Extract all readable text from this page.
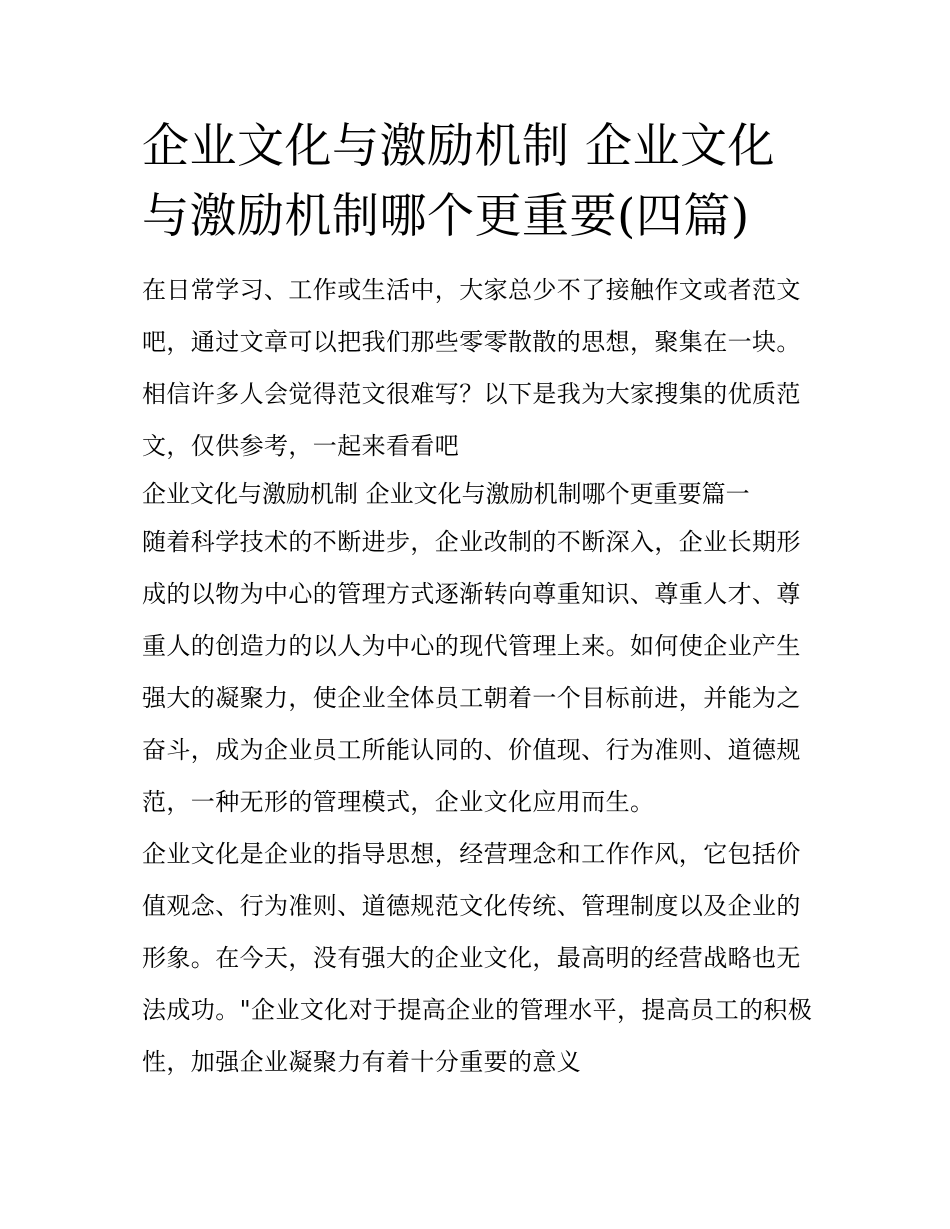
企业文化与激励机制 企业文化与激励机制哪个更重要(四篇)

在日常学习、工作或生活中，大家总少不了接触作文或者范文吧，通过文章可以把我们那些零零散散的思想，聚集在一块。相信许多人会觉得范文很难写？以下是我为大家搜集的优质范文，仅供参考，一起来看看吧

企业文化与激励机制 企业文化与激励机制哪个更重要篇一

随着科学技术的不断进步，企业改制的不断深入，企业长期形成的以物为中心的管理方式逐渐转向尊重知识、尊重人才、尊重人的创造力的以人为中心的现代管理上来。如何使企业产生强大的凝聚力，使企业全体员工朝着一个目标前进，并能为之奋斗，成为企业员工所能认同的、价值现、行为准则、道德规范，一种无形的管理模式，企业文化应用而生。

企业文化是企业的指导思想，经营理念和工作作风，它包括价值观念、行为准则、道德规范文化传统、管理制度以及企业的形象。在今天，没有强大的企业文化，最高明的经营战略也无法成功。"企业文化对于提高企业的管理水平，提高员工的积极性，加强企业凝聚力有着十分重要的意义
